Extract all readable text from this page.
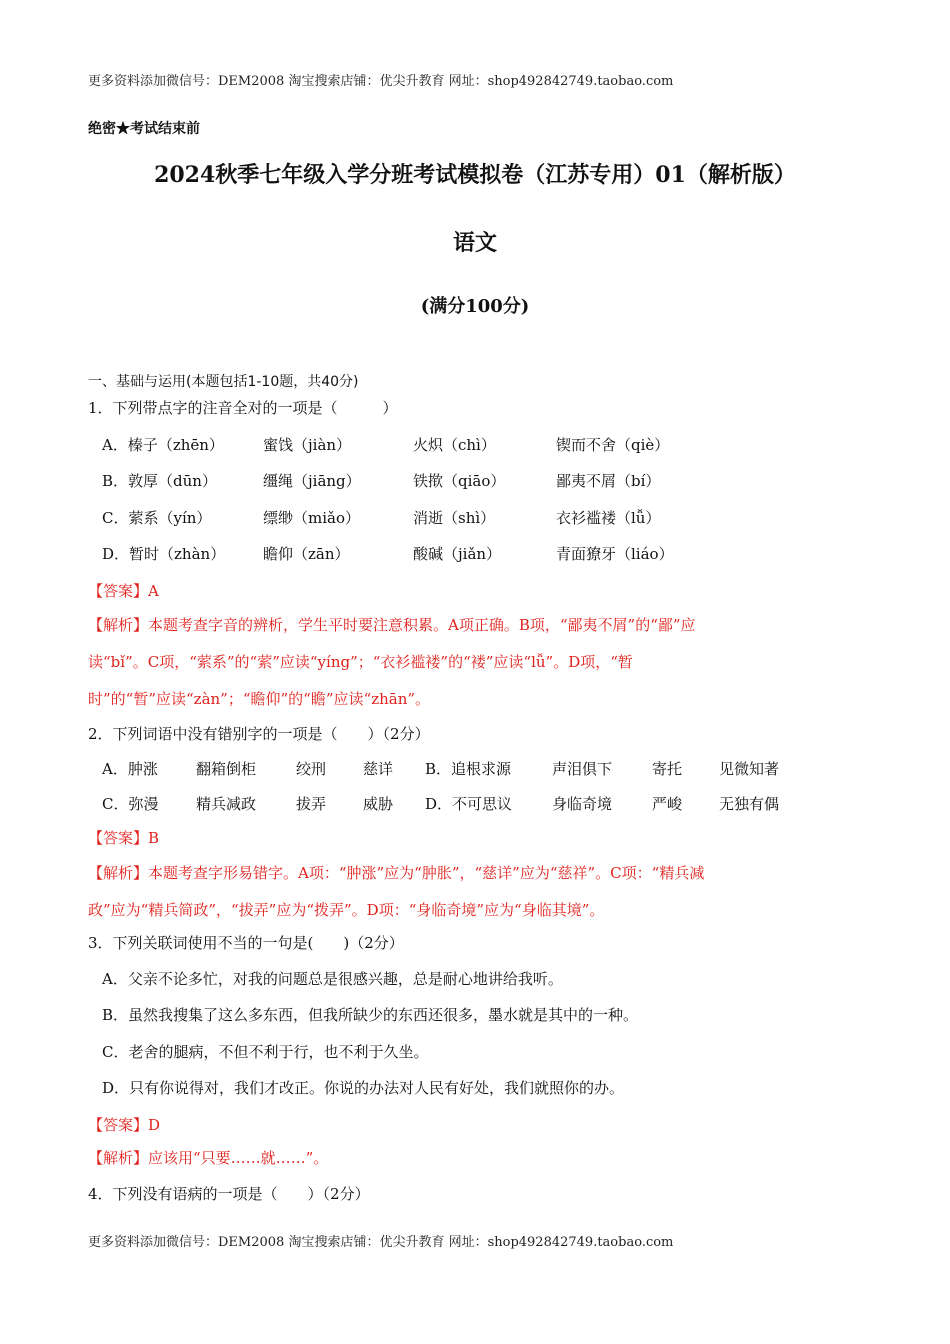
更多资料添加微信号：DEM2008 淘宝搜索店铺：优尖升教育 网址：shop492842749.taobao.com
绝密★考试结束前
2024秋季七年级入学分班考试模拟卷（江苏专用）01（解析版）
语文
(满分100分)
一、基础与运用(本题包括1-10题，共40分)
1．下列带点字的注音全对的一项是（　　　）
A．榛子（zhēn）	蜜饯（jiàn）	火炽（chì）	锲而不舍（qiè）
B．敦厚（dūn）	缰绳（jiāng）	铁揿（qiāo）	鄙夷不屑（bí）
C．萦系（yín）	缥缈（miǎo）	消逝（shì）	衣衫褴褛（lǚ）
D．暂时（zhàn）	瞻仰（zān）	酸碱（jiǎn）	青面獠牙（liáo）
【答案】A
【解析】本题考查字音的辨析，学生平时要注意积累。A项正确。B项，“鄙夷不屑”的“鄙”应
读“bǐ”。C项，“萦系”的“萦”应读“yíng”；“衣衫褴褛”的“褛”应读“lǚ”。D项，“暂
时”的“暂”应读“zàn”；“瞻仰”的“瞻”应读“zhān”。
2．下列词语中没有错别字的一项是（　　）（2分）
A．肿涨	翻箱倒柜	绞刑 慈详 B．追根求源	声泪俱下	寄托 见微知著
C．弥漫	精兵减政	拔弄 威胁 D．不可思议	身临奇境	严峻 无独有偶
【答案】B
【解析】本题考查字形易错字。A项：“肿涨”应为“肿胀”，“慈详”应为“慈祥”。C项：“精兵减
政”应为“精兵简政”，“拔弄”应为“拨弄”。D项：“身临奇境”应为“身临其境”。
3．下列关联词使用不当的一句是(　　)（2分）
A．父亲不论多忙，对我的问题总是很感兴趣，总是耐心地讲给我听。
B．虽然我搜集了这么多东西，但我所缺少的东西还很多，墨水就是其中的一种。
C．老舍的腿病，不但不利于行，也不利于久坐。
D．只有你说得对，我们才改正。你说的办法对人民有好处，我们就照你的办。
【答案】D
【解析】应该用“只要……就……”。
4．下列没有语病的一项是（　　）（2分）
更多资料添加微信号：DEM2008 淘宝搜索店铺：优尖升教育 网址：shop492842749.taobao.com
